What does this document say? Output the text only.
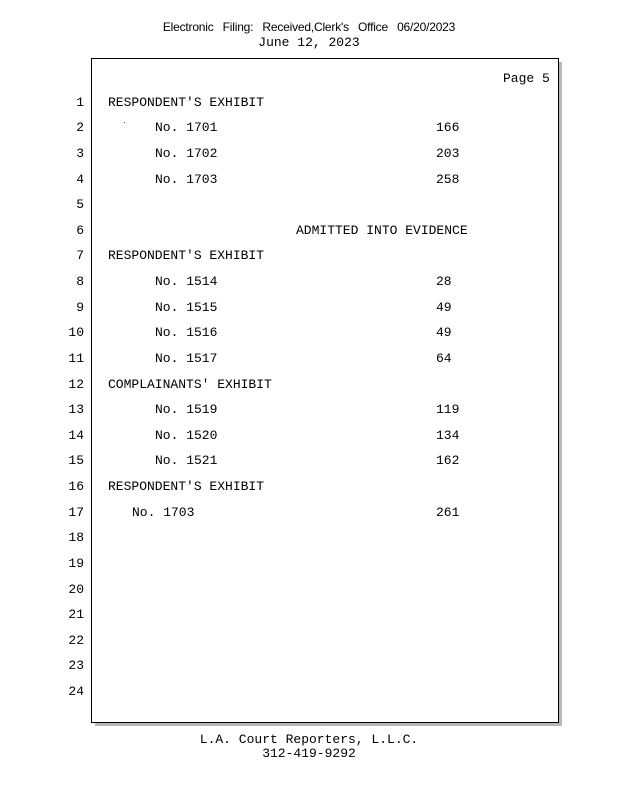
Electronic Filing: Received,Clerk's Office 06/20/2023
June 12, 2023
Page 5
1
2
3
4
5
6
7
8
9
10
11
12
13
14
15
16
17
18
19
20
21
22
23
24
RESPONDENT'S EXHIBIT
No. 1701	166
No. 1702	203
No. 1703	258
ADMITTED INTO EVIDENCE
RESPONDENT'S EXHIBIT
No. 1514	28
No. 1515	49
No. 1516	49
No. 1517	64
COMPLAINANTS' EXHIBIT
No. 1519	119
No. 1520	134
No. 1521	162
RESPONDENT'S EXHIBIT
No. 1703	261
L.A. Court Reporters, L.L.C.
312-419-9292
